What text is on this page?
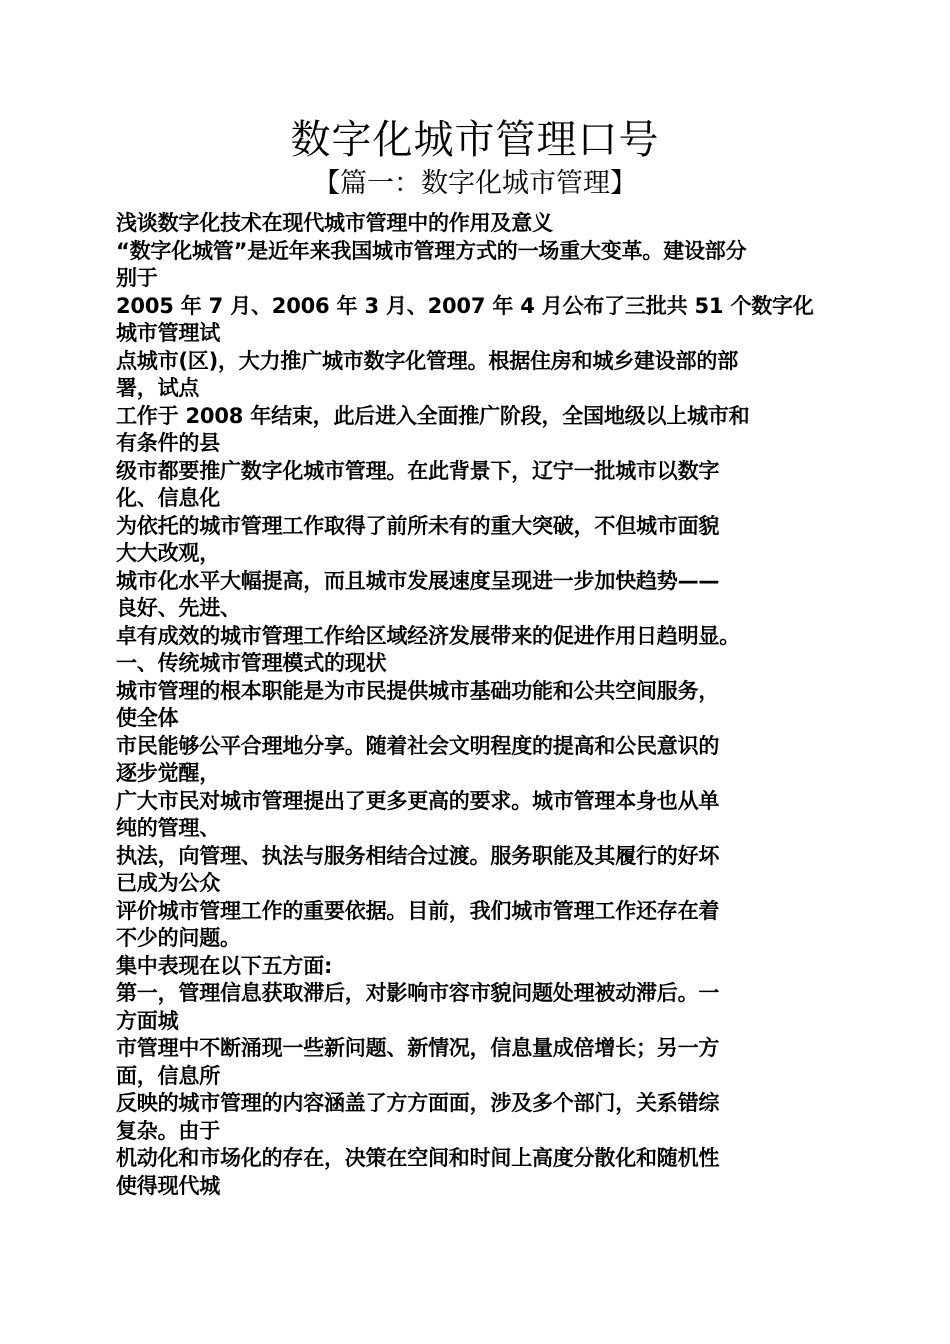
数字化城市管理口号
【篇一：数字化城市管理】
浅谈数字化技术在现代城市管理中的作用及意义
“数字化城管”是近年来我国城市管理方式的一场重大变革。建设部分
别于
2005 年 7 月、2006 年 3 月、2007 年 4 月公布了三批共 51 个数字化
城市管理试
点城市(区)，大力推广城市数字化管理。根据住房和城乡建设部的部
署，试点
工作于 2008 年结束，此后进入全面推广阶段，全国地级以上城市和
有条件的县
级市都要推广数字化城市管理。在此背景下，辽宁一批城市以数字
化、信息化
为依托的城市管理工作取得了前所未有的重大突破，不但城市面貌
大大改观，
城市化水平大幅提高，而且城市发展速度呈现进一步加快趋势——
良好、先进、
卓有成效的城市管理工作给区域经济发展带来的促进作用日趋明显。
一、传统城市管理模式的现状
城市管理的根本职能是为市民提供城市基础功能和公共空间服务，
使全体
市民能够公平合理地分享。随着社会文明程度的提高和公民意识的
逐步觉醒，
广大市民对城市管理提出了更多更高的要求。城市管理本身也从单
纯的管理、
执法，向管理、执法与服务相结合过渡。服务职能及其履行的好坏
已成为公众
评价城市管理工作的重要依据。目前，我们城市管理工作还存在着
不少的问题。
集中表现在以下五方面:
第一，管理信息获取滞后，对影响市容市貌问题处理被动滞后。一
方面城
市管理中不断涌现一些新问题、新情况，信息量成倍增长；另一方
面，信息所
反映的城市管理的内容涵盖了方方面面，涉及多个部门，关系错综
复杂。由于
机动化和市场化的存在，决策在空间和时间上高度分散化和随机性
使得现代城
